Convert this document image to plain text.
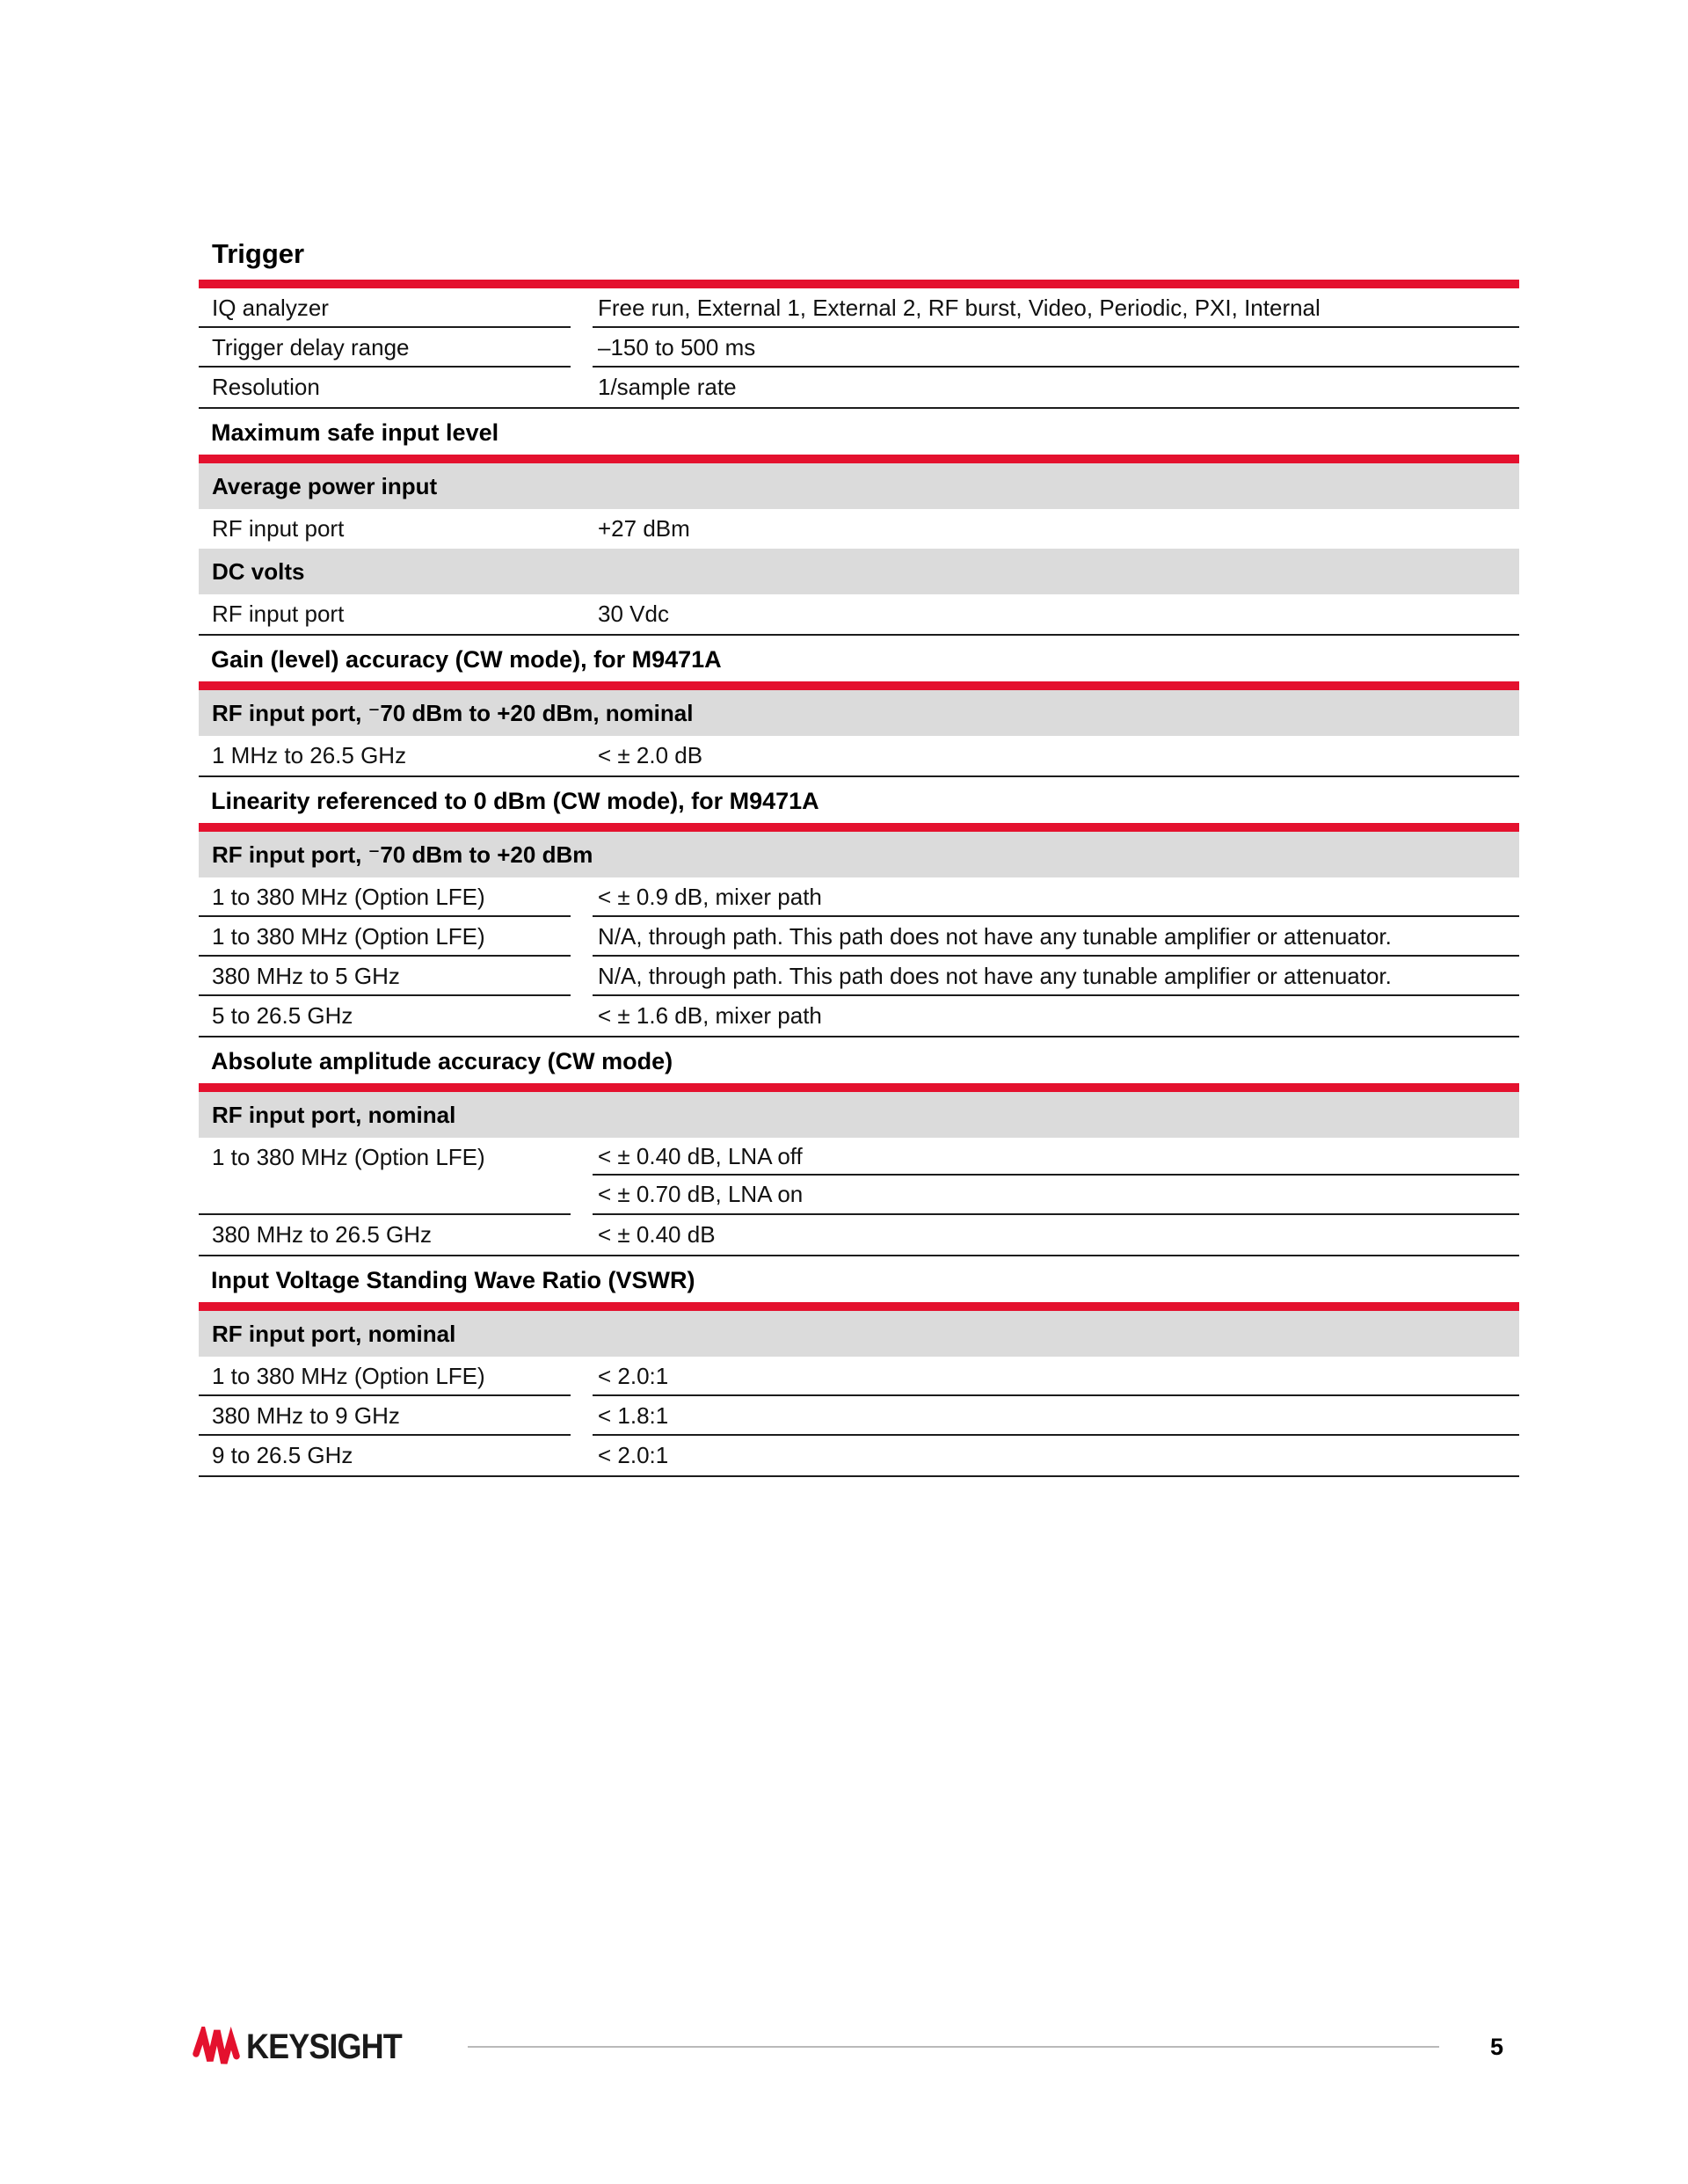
Trigger
IQ analyzer	Free run, External 1, External 2, RF burst, Video, Periodic, PXI, Internal
Trigger delay range	–150 to 500 ms
Resolution	1/sample rate
Maximum safe input level
Average power input
RF input port	+27 dBm
DC volts
RF input port	30 Vdc
Gain (level) accuracy (CW mode), for M9471A
RF input port, ⁻70 dBm to +20 dBm, nominal
1 MHz to 26.5 GHz	< ± 2.0 dB
Linearity referenced to 0 dBm (CW mode), for M9471A
RF input port, ⁻70 dBm to +20 dBm
1 to 380 MHz (Option LFE)	< ± 0.9 dB, mixer path
1 to 380 MHz (Option LFE)	N/A, through path. This path does not have any tunable amplifier or attenuator.
380 MHz to 5 GHz	N/A, through path. This path does not have any tunable amplifier or attenuator.
5 to 26.5 GHz	< ± 1.6 dB, mixer path
Absolute amplitude accuracy (CW mode)
RF input port, nominal
1 to 380 MHz (Option LFE)	< ± 0.40 dB, LNA off
< ± 0.70 dB, LNA on
380 MHz to 26.5 GHz	< ± 0.40 dB
Input Voltage Standing Wave Ratio (VSWR)
RF input port, nominal
1 to 380 MHz (Option LFE)	< 2.0:1
380 MHz to 9 GHz	< 1.8:1
9 to 26.5 GHz	< 2.0:1
KEYSIGHT	5
